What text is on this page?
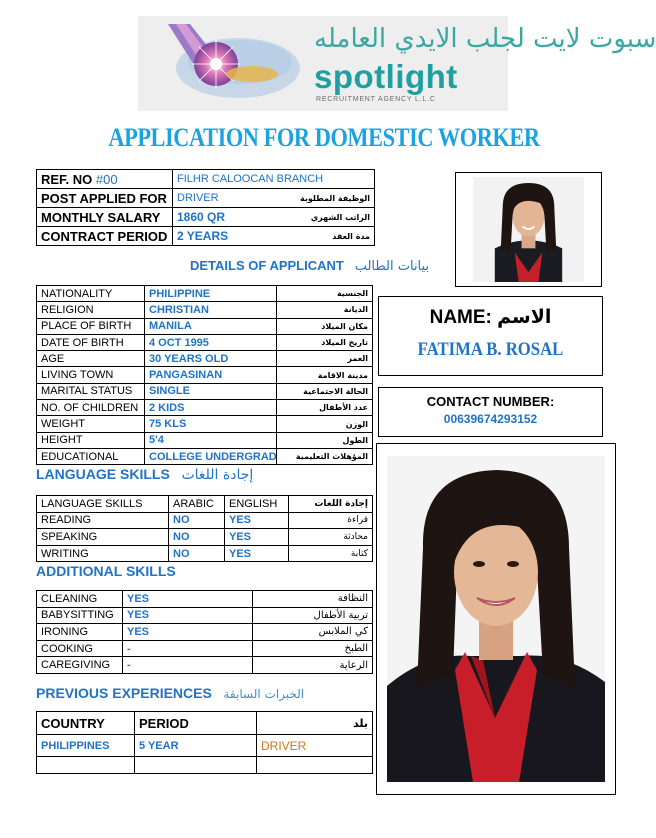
سبوت لايت لجلب الايدي العامله
spotlight
RECRUITMENT AGENCY L.L.C
APPLICATION FOR DOMESTIC WORKER
REF. NO #00	FILHR CALOOCAN BRANCH	
POST APPLIED FOR	DRIVER	الوظيفة المطلوبة
MONTHLY SALARY	1860 QR	الراتب الشهري
CONTRACT PERIOD	2 YEARS	مدة العقد
DETAILS OF APPLICANT بيانات الطالب
NATIONALITY	PHILIPPINE	الجنسية
RELIGION	CHRISTIAN	الديانة
PLACE OF BIRTH	MANILA	مكان الميلاد
DATE OF BIRTH	4 OCT 1995	تاريخ الميلاد
AGE	30 YEARS OLD	العمر
LIVING TOWN	PANGASINAN	مدينة الاقامة
MARITAL STATUS	SINGLE	الحالة الاجتماعية
NO. OF CHILDREN	2 KIDS	عدد الأطفال
WEIGHT	75 KLS	الوزن
HEIGHT	5'4	الطول
EDUCATIONAL	COLLEGE UNDERGRAD	المؤهلات التعليمية
LANGUAGE SKILLS إجادة اللغات
LANGUAGE SKILLS	ARABIC	ENGLISH	إجادة اللغات
READING	NO	YES	قراءة
SPEAKING	NO	YES	محادثة
WRITING	NO	YES	كتابة
ADDITIONAL SKILLS
CLEANING	YES	النظافة
BABYSITTING	YES	تربية الأطفال
IRONING	YES	كي الملابس
COOKING	-	الطبخ
CAREGIVING	-	الرعاية
PREVIOUS EXPERIENCES الخبرات السابقة
COUNTRY	PERIOD	بلد
PHILIPPINES	5 YEAR	DRIVER

NAME: الاسم
FATIMA B. ROSAL
CONTACT NUMBER:
00639674293152
